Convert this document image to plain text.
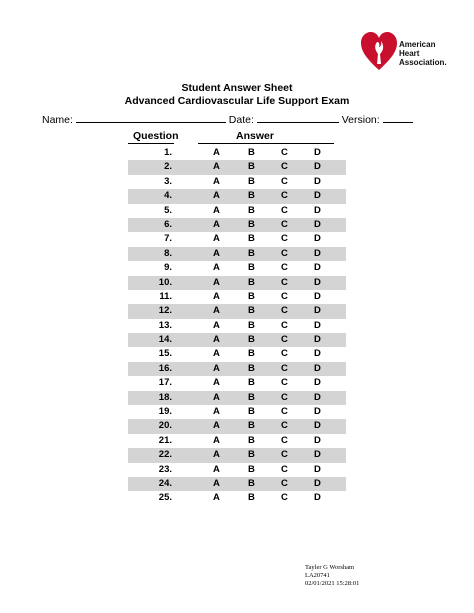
American
Heart
Association.
Student Answer Sheet
Advanced Cardiovascular Life Support Exam
Name:	Date:	Version:
Question	Answer
1.	A	B	C	D
2.	A	B	C	D
3.	A	B	C	D
4.	A	B	C	D
5.	A	B	C	D
6.	A	B	C	D
7.	A	B	C	D
8.	A	B	C	D
9.	A	B	C	D
10.	A	B	C	D
11.	A	B	C	D
12.	A	B	C	D
13.	A	B	C	D
14.	A	B	C	D
15.	A	B	C	D
16.	A	B	C	D
17.	A	B	C	D
18.	A	B	C	D
19.	A	B	C	D
20.	A	B	C	D
21.	A	B	C	D
22.	A	B	C	D
23.	A	B	C	D
24.	A	B	C	D
25.	A	B	C	D
Tayler G Worsham
LA20741
02/01/2021 15:28:01
